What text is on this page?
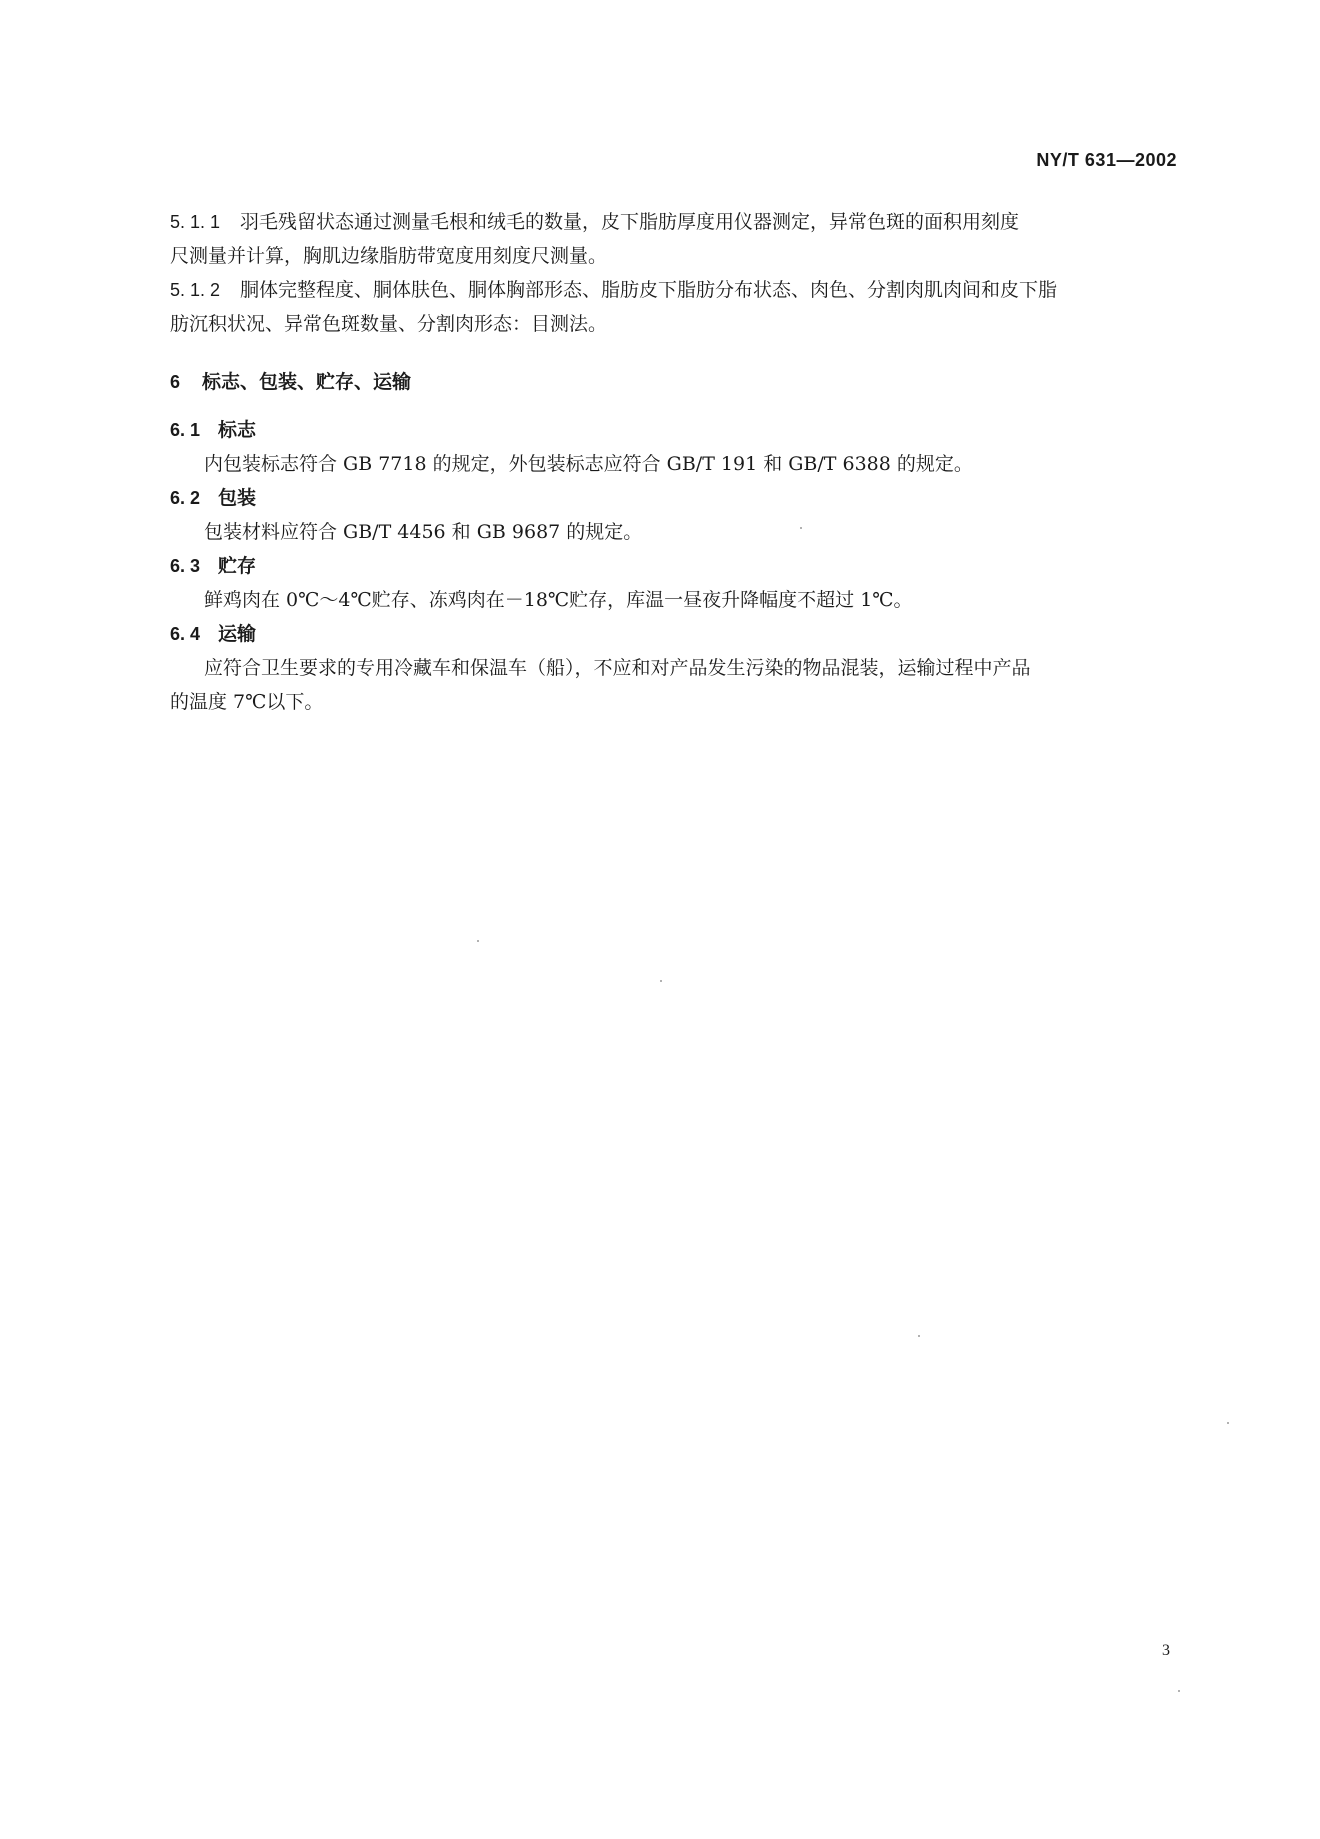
NY/T 631—2002
5. 1. 1 羽毛残留状态通过测量毛根和绒毛的数量，皮下脂肪厚度用仪器测定，异常色斑的面积用刻度
尺测量并计算，胸肌边缘脂肪带宽度用刻度尺测量。
5. 1. 2 胴体完整程度、胴体肤色、胴体胸部形态、脂肪皮下脂肪分布状态、肉色、分割肉肌肉间和皮下脂
肪沉积状况、异常色斑数量、分割肉形态：目测法。
6 标志、包装、贮存、运输
6. 1 标志
内包装标志符合 GB 7718 的规定，外包装标志应符合 GB/T 191 和 GB/T 6388 的规定。
6. 2 包装
包装材料应符合 GB/T 4456 和 GB 9687 的规定。
6. 3 贮存
鲜鸡肉在 0℃～4℃贮存、冻鸡肉在－18℃贮存，库温一昼夜升降幅度不超过 1℃。
6. 4 运输
应符合卫生要求的专用冷藏车和保温车（船），不应和对产品发生污染的物品混装，运输过程中产品
的温度 7℃以下。
3
